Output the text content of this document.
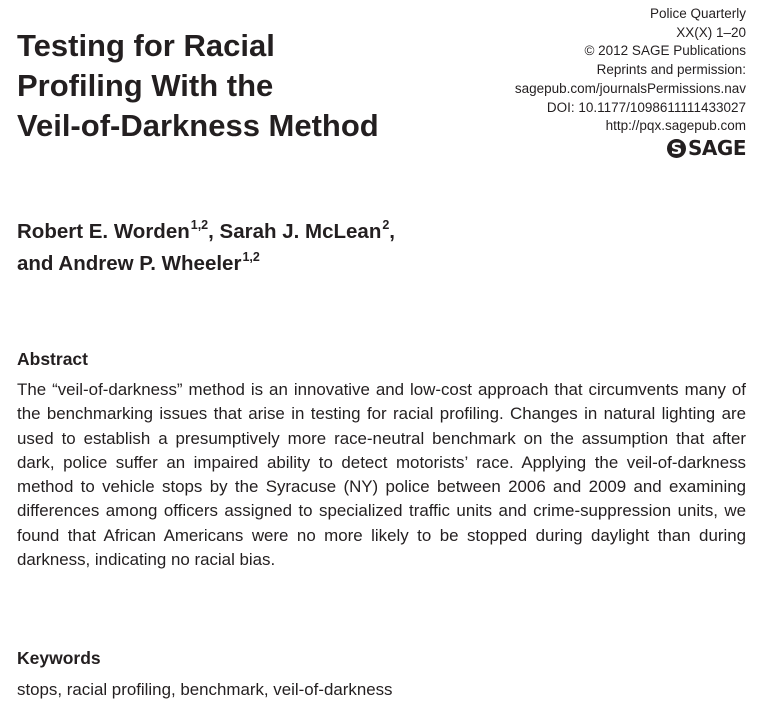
Testing for Racial
Profiling With the
Veil-of-Darkness Method
Police Quarterly
XX(X) 1–20
© 2012 SAGE Publications
Reprints and permission:
sagepub.com/journalsPermissions.nav
DOI: 10.1177/1098611111433027
http://pqx.sagepub.com
S SAGE
Robert E. Worden$^{1,2}$, Sarah J. McLean$^2$,
and Andrew P. Wheeler$^{1,2}$
Abstract

The “veil-of-darkness” method is an innovative and low-cost approach that circumvents many of the benchmarking issues that arise in testing for racial profiling. Changes in natural lighting are used to establish a presumptively more race-neutral benchmark on the assumption that after dark, police suffer an impaired ability to detect motorists’ race. Applying the veil-of-darkness method to vehicle stops by the Syracuse (NY) police between 2006 and 2009 and examining differences among officers assigned to specialized traffic units and crime-suppression units, we found that African Americans were no more likely to be stopped during daylight than during darkness, indicating no racial bias.

Keywords

stops, racial profiling, benchmark, veil-of-darkness
